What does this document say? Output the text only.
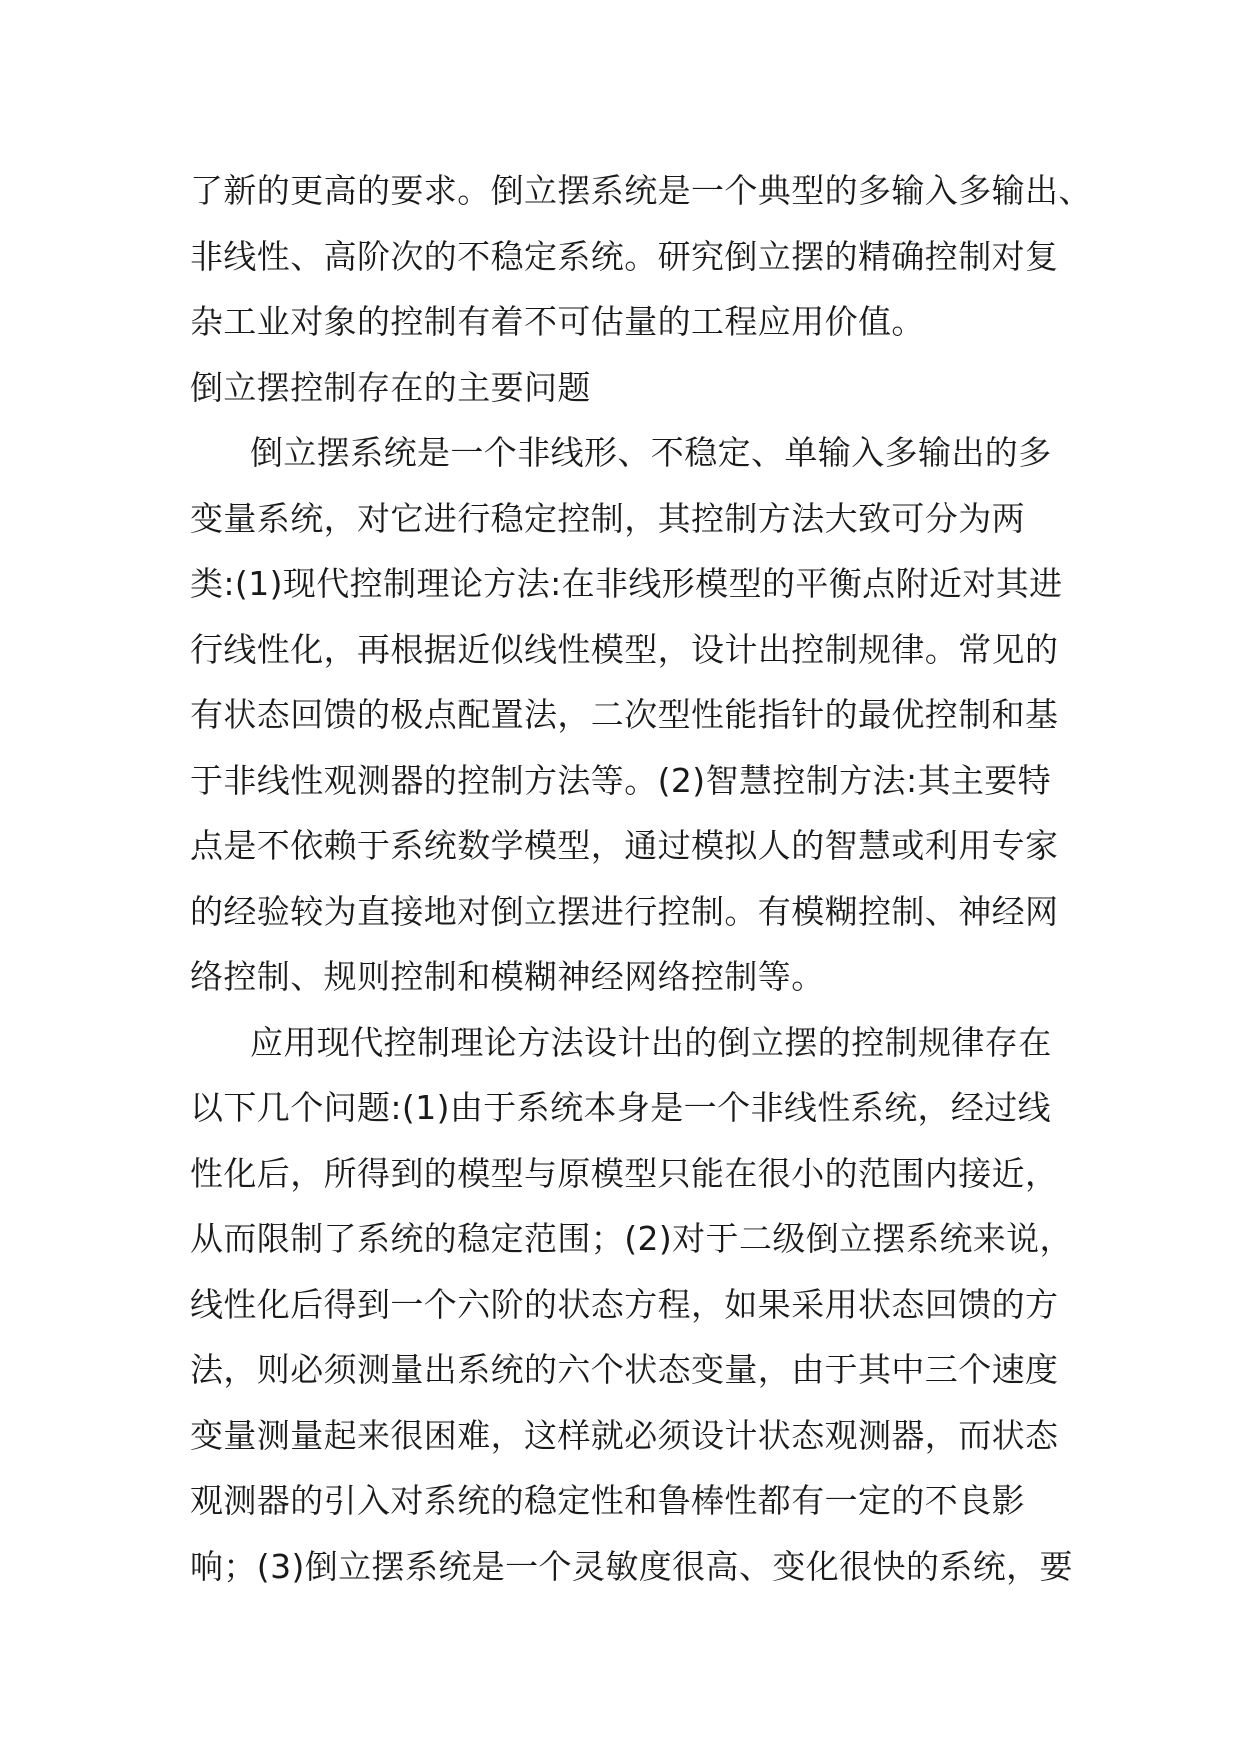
了新的更高的要求。倒立摆系统是一个典型的多输入多输出、
非线性、高阶次的不稳定系统。研究倒立摆的精确控制对复
杂工业对象的控制有着不可估量的工程应用价值。
倒立摆控制存在的主要问题
倒立摆系统是一个非线形、不稳定、单输入多输出的多
变量系统，对它进行稳定控制，其控制方法大致可分为两
类:(1)现代控制理论方法:在非线形模型的平衡点附近对其进
行线性化，再根据近似线性模型，设计出控制规律。常见的
有状态回馈的极点配置法，二次型性能指针的最优控制和基
于非线性观测器的控制方法等。(2)智慧控制方法:其主要特
点是不依赖于系统数学模型，通过模拟人的智慧或利用专家
的经验较为直接地对倒立摆进行控制。有模糊控制、神经网
络控制、规则控制和模糊神经网络控制等。
应用现代控制理论方法设计出的倒立摆的控制规律存在
以下几个问题:(1)由于系统本身是一个非线性系统，经过线
性化后，所得到的模型与原模型只能在很小的范围内接近，
从而限制了系统的稳定范围；(2)对于二级倒立摆系统来说，
线性化后得到一个六阶的状态方程，如果采用状态回馈的方
法，则必须测量出系统的六个状态变量，由于其中三个速度
变量测量起来很困难，这样就必须设计状态观测器，而状态
观测器的引入对系统的稳定性和鲁棒性都有一定的不良影
响；(3)倒立摆系统是一个灵敏度很高、变化很快的系统，要
